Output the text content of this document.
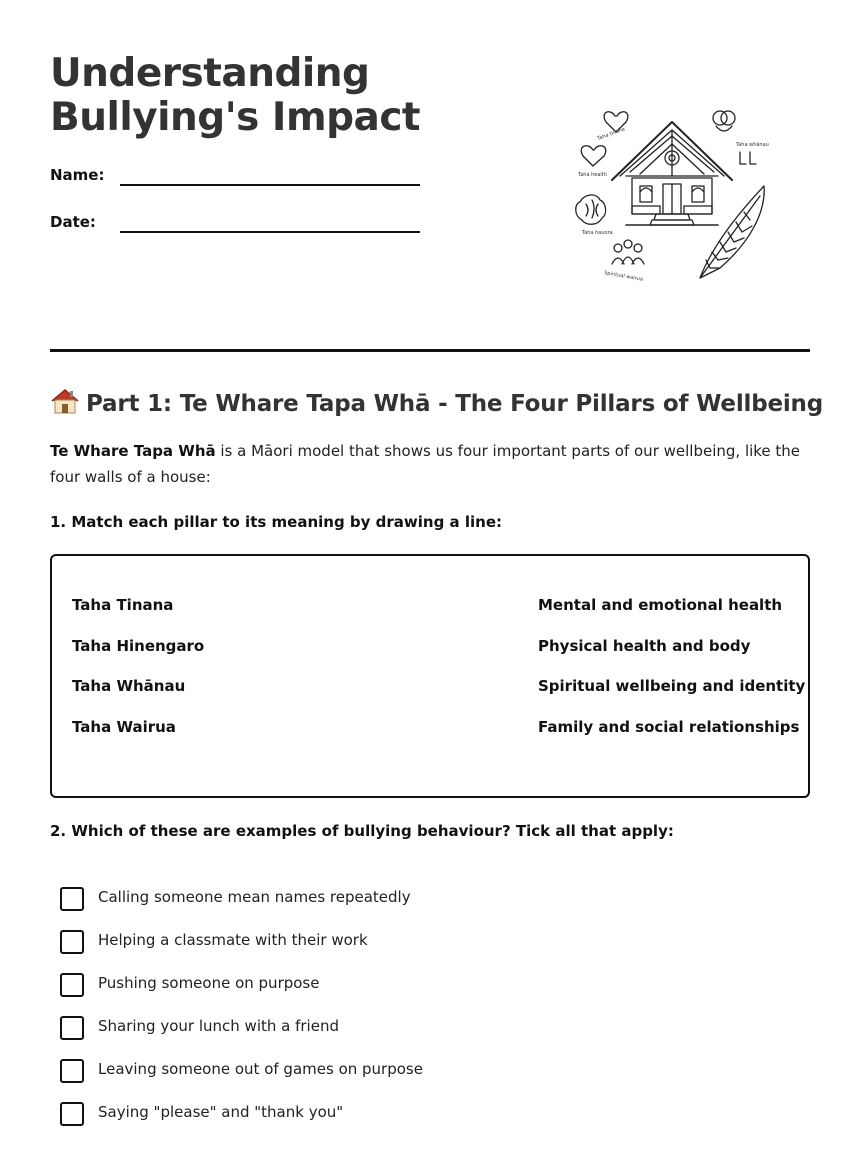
Understanding
Bullying's Impact
Name:
Date:
Taha tinana
Taha health
Taha whānau
Taha hauora
Spiritual wairua
Part 1: Te Whare Tapa Whā - The Four Pillars of Wellbeing

Te Whare Tapa Whā is a Māori model that shows us four important parts of our wellbeing, like the four walls of a house:

1. Match each pillar to its meaning by drawing a line:

Taha Tinana
Taha Hinengaro
Taha Whānau
Taha Wairua
Mental and emotional health
Physical health and body
Spiritual wellbeing and identity
Family and social relationships

2. Which of these are examples of bullying behaviour? Tick all that apply:

Calling someone mean names repeatedly
Helping a classmate with their work
Pushing someone on purpose
Sharing your lunch with a friend
Leaving someone out of games on purpose
Saying "please" and "thank you"
